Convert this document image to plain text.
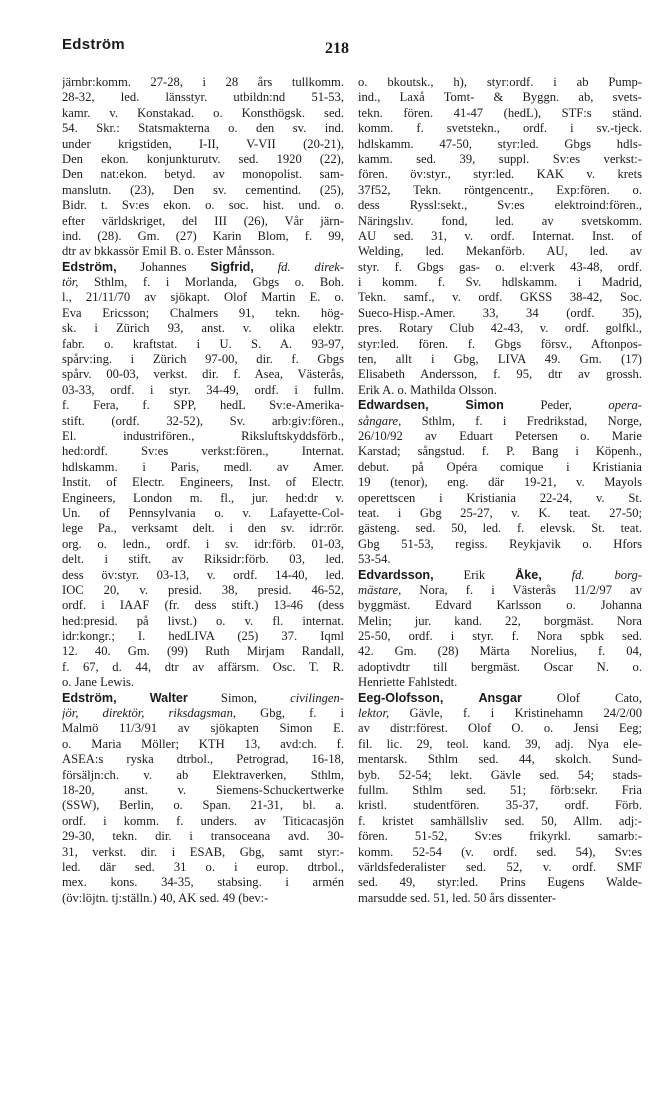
Edström	218
järnbr:komm. 27-28, i 28 års tullkomm.
28-32, led. länsstyr. utbildn:nd 51-53,
kamr. v. Konstakad. o. Konsthögsk. sed.
54. Skr.: Statsmakterna o. den sv. ind.
under krigstiden, I-II, V-VII (20-21),
Den ekon. konjunkturutv. sed. 1920 (22),
Den nat:ekon. betyd. av monopolist. sam-
manslutn. (23), Den sv. cementind. (25),
Bidr. t. Sv:es ekon. o. soc. hist. und. o.
efter världskriget, del III (26), Vår järn-
ind. (28). Gm. (27) Karin Blom, f. 99,
dtr av bkkassör Emil B. o. Ester Månsson.
Edström, Johannes Sigfrid, fd. direk-
tör, Sthlm, f. i Morlanda, Gbgs o. Boh.
l., 21/11/70 av sjökapt. Olof Martin E. o.
Eva Ericsson; Chalmers 91, tekn. hög-
sk. i Zürich 93, anst. v. olika elektr.
fabr. o. kraftstat. i U. S. A. 93-97,
spårv:ing. i Zürich 97-00, dir. f. Gbgs
spårv. 00-03, verkst. dir. f. Asea, Västerås,
03-33, ordf. i styr. 34-49, ordf. i fullm.
f. Fera, f. SPP, hedL Sv:e-Amerika-
stift. (ordf. 32-52), Sv. arb:giv:fören.,
El. industrifören., Riksluftskyddsförb.,
hed:ordf. Sv:es verkst:fören., Internat.
hdlskamm. i Paris, medl. av Amer.
Instit. of Electr. Engineers, Inst. of Electr.
Engineers, London m. fl., jur. hed:dr v.
Un. of Pennsylvania o. v. Lafayette-Col-
lege Pa., verksamt delt. i den sv. idr:rör.
org. o. ledn., ordf. i sv. idr:förb. 01-03,
delt. i stift. av Riksidr:förb. 03, led.
dess öv:styr. 03-13, v. ordf. 14-40, led.
IOC 20, v. presid. 38, presid. 46-52,
ordf. i IAAF (fr. dess stift.) 13-46 (dess
hed:presid. på livst.) o. v. fl. internat.
idr:kongr.; I. hedLIVA (25) 37. Iqml
12. 40. Gm. (99) Ruth Mirjam Randall,
f. 67, d. 44, dtr av affärsm. Osc. T. R.
o. Jane Lewis.
Edström,	Walter Simon, civilingen-
jör, direktör, riksdagsman, Gbg, f. i
Malmö 11/3/91 av sjökapten Simon E.
o. Maria Möller; KTH 13, avd:ch. f.
ASEA:s ryska dtrbol., Petrograd, 16-18,
försäljn:ch. v. ab Elektraverken, Sthlm,
18-20, anst. v. Siemens-Schuckertwerke
(SSW), Berlin, o. Span. 21-31, bl. a.
ordf. i komm. f. unders. av Titicacasjön
29-30, tekn. dir. i transoceana avd. 30-
31, verkst. dir. i ESAB, Gbg, samt styr:-
led. där sed. 31 o. i europ. dtrbol.,
mex. kons. 34-35, stabsing. i armén
(öv:löjtn. tj:ställn.) 40, AK sed. 49 (bev:-
o. bkoutsk., h), styr:ordf. i ab Pump-
ind., Laxå Tomt- & Byggn. ab, svets-
tekn. fören. 41-47 (hedL), STF:s ständ.
komm. f. svetstekn., ordf. i sv.-tjeck.
hdlskamm. 47-50, styr:led. Gbgs hdls-
kamm. sed. 39, suppl. Sv:es verkst:-
fören. öv:styr., styr:led. KAK v. krets
37f52, Tekn. röntgencentr., Exp:fören. o.
dess Ryssl:sekt., Sv:es elektroind:fören.,
Näringslıv. fond, led. av svetskomm.
AU sed. 31, v. ordf. Internat. Inst. of
Welding, led. Mekanförb. AU, led. av
styr. f. Gbgs gas- o. el:verk 43-48, ordf.
i komm. f. Sv. hdlskamm. i Madrid,
Tekn. samf., v. ordf. GKSS 38-42, Soc.
Sueco-Hisp.-Amer. 33, 34 (ordf. 35),
pres. Rotary Club 42-43, v. ordf. golfkl.,
styr:led. fören. f. Gbgs försv., Aftonpos-
ten, allt i Gbg, LIVA 49. Gm. (17)
Elisabeth Andersson, f. 95, dtr av grossh.
Erik A. o. Mathilda Olsson.
Edwardsen,	Simon Peder, opera-
sångare, Sthlm, f. i Fredrikstad, Norge,
26/10/92 av Eduart Petersen o. Marie
Karstad; sångstud. f. P. Bang i Köpenh.,
debut. på Opéra comique i Kristiania
19 (tenor), eng. där 19-21, v. Mayols
operettscen i Kristiania 22-24, v. St.
teat. i Gbg 25-27, v. K. teat. 27-50;
gästeng. sed. 50, led. f. elevsk. St. teat.
Gbg 51-53, regiss. Reykjavik o. Hfors
53-54.
Edvardsson, Erik Åke, fd. borg-
mästare, Nora, f. i Västerås 11/2/97 av
byggmäst. Edvard Karlsson o. Johanna
Melin; jur. kand. 22, borgmäst. Nora
25-50, ordf. i styr. f. Nora spbk sed.
42. Gm. (28) Märta Norelius, f. 04,
adoptivdtr till bergmäst. Oscar N. o.
Henriette Fahlstedt.
Eeg-Olofsson,	Ansgar Olof Cato,
lektor, Gävle, f. i Kristinehamn 24/2/00
av distr:förest. Olof O. o. Jensi Eeg;
fil. lic. 29, teol. kand. 39, adj. Nya ele-
mentarsk. Sthlm sed. 44, skolch. Sund-
byb. 52-54; lekt. Gävle sed. 54; stads-
fullm. Sthlm sed. 51; förb:sekr. Fria
kristl. studentfören. 35-37, ordf. Förb.
f. kristet samhällsliv sed. 50, Allm. adj:-
fören. 51-52, Sv:es frikyrkl. samarb:-
komm. 52-54 (v. ordf. sed. 54), Sv:es
världsfederalister sed. 52, v. ordf. SMF
sed. 49, styr:led. Prins Eugens Walde-
marsudde sed. 51, led. 50 års dissenter-
